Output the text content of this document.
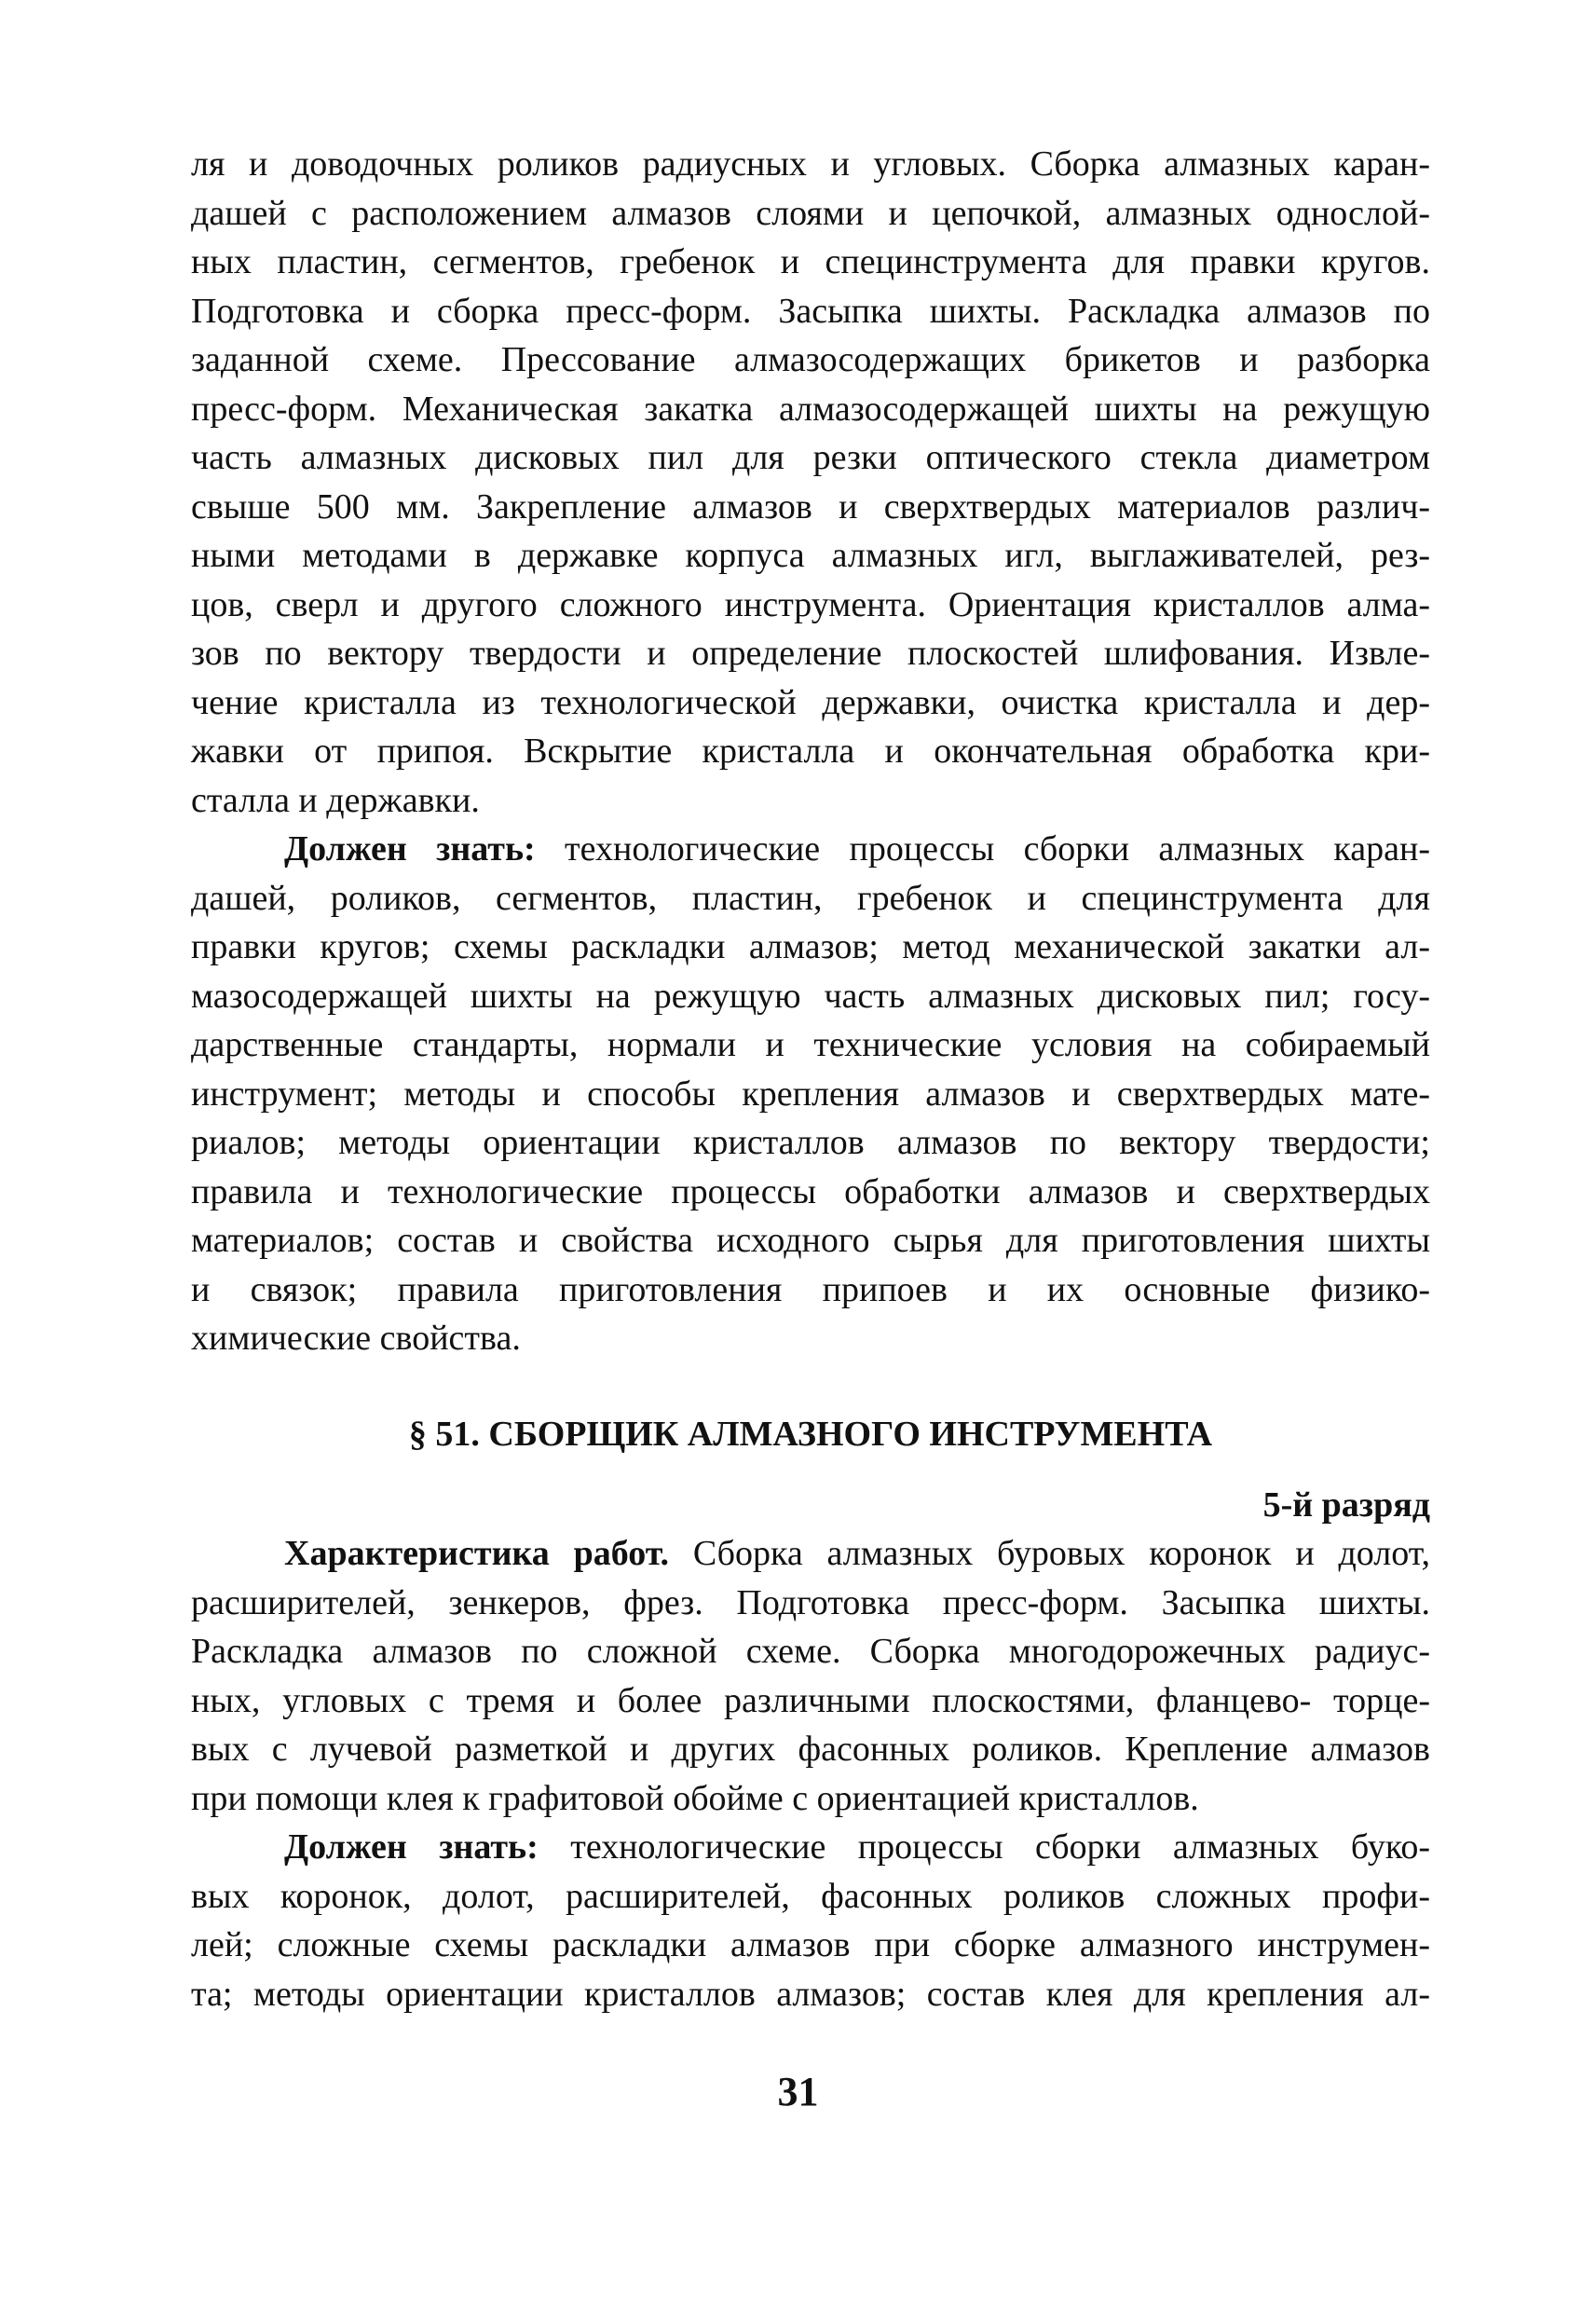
ля и доводочных роликов радиусных и угловых. Сборка алмазных каран-
дашей с расположением алмазов слоями и цепочкой, алмазных однослой-
ных пластин, сегментов, гребенок и специнструмента для правки кругов.
Подготовка и сборка пресс-форм. Засыпка шихты. Раскладка алмазов по
заданной схеме. Прессование алмазосодержащих брикетов и разборка
пресс-форм. Механическая закатка алмазосодержащей шихты на режущую
часть алмазных дисковых пил для резки оптического стекла диаметром
свыше 500 мм. Закрепление алмазов и сверхтвердых материалов различ-
ными методами в державке корпуса алмазных игл, выглаживателей, рез-
цов, сверл и другого сложного инструмента. Ориентация кристаллов алма-
зов по вектору твердости и определение плоскостей шлифования. Извле-
чение кристалла из технологической державки, очистка кристалла и дер-
жавки от припоя. Вскрытие кристалла и окончательная обработка кри-
сталла и державки.
Должен знать: технологические процессы сборки алмазных каран-
дашей, роликов, сегментов, пластин, гребенок и специнструмента для
правки кругов; схемы раскладки алмазов; метод механической закатки ал-
мазосодержащей шихты на режущую часть алмазных дисковых пил; госу-
дарственные стандарты, нормали и технические условия на собираемый
инструмент; методы и способы крепления алмазов и сверхтвердых мате-
риалов; методы ориентации кристаллов алмазов по вектору твердости;
правила и технологические процессы обработки алмазов и сверхтвердых
материалов; состав и свойства исходного сырья для приготовления шихты
и связок; правила приготовления припоев и их основные физико-
химические свойства.
§ 51. СБОРЩИК АЛМАЗНОГО ИНСТРУМЕНТА
5-й разряд
Характеристика работ. Сборка алмазных буровых коронок и долот,
расширителей, зенкеров, фрез. Подготовка пресс-форм. Засыпка шихты.
Раскладка алмазов по сложной схеме. Сборка многодорожечных радиус-
ных, угловых с тремя и более различными плоскостями, фланцево- торце-
вых с лучевой разметкой и других фасонных роликов. Крепление алмазов
при помощи клея к графитовой обойме с ориентацией кристаллов.
Должен знать: технологические процессы сборки алмазных буко-
вых коронок, долот, расширителей, фасонных роликов сложных профи-
лей; сложные схемы раскладки алмазов при сборке алмазного инструмен-
та; методы ориентации кристаллов алмазов; состав клея для крепления ал-
31
